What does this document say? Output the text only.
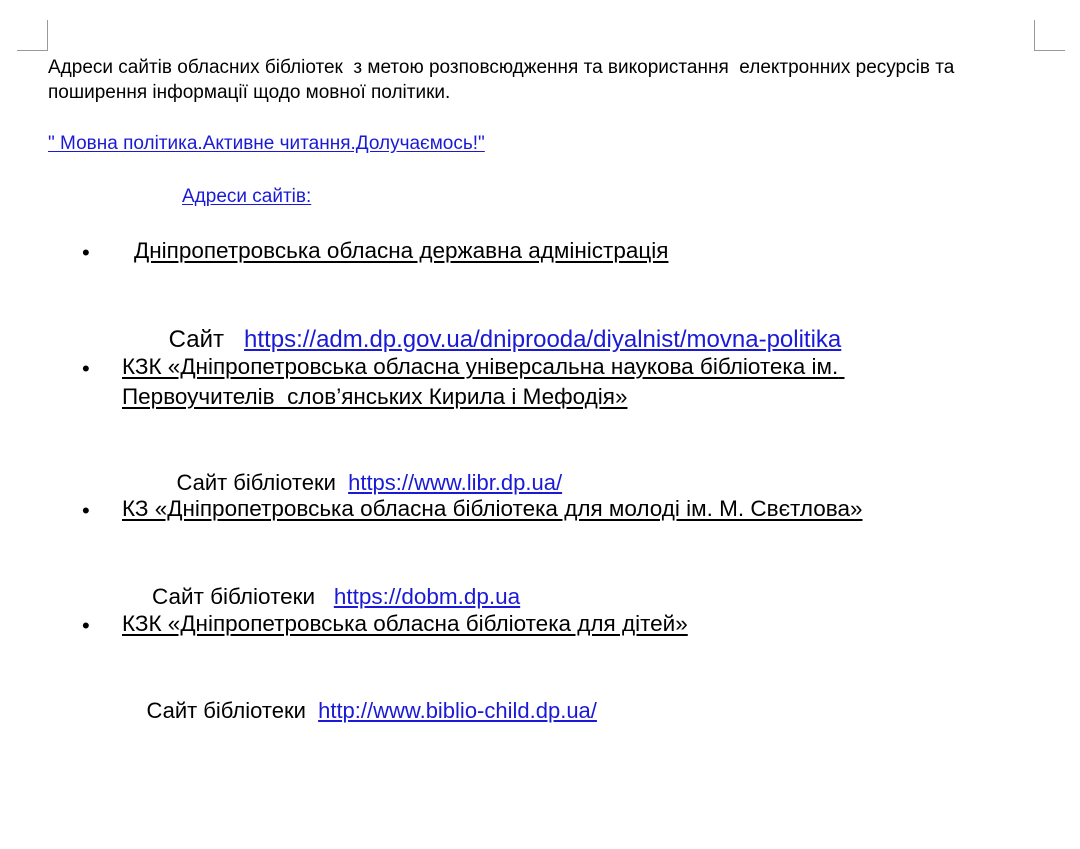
Адреси сайтів обласних бібліотек  з метою розповсюдження та використання  електронних ресурсів та  поширення інформації щодо мовної політики.
" Мовна політика.Активне читання.Долучаємось!"
Адреси сайтів:
•	Дніпропетровська обласна державна адміністрація

Сайт https://adm.dp.gov.ua/dniprooda/diyalnist/movna-politika

•	КЗК «Дніпропетровська обласна універсальна наукова бібліотека ім. Первоучителів  слов’янських Кирила і Мефодія»

Сайт бібліотеки https://www.libr.dp.ua/

•	КЗ «Дніпропетровська обласна бібліотека для молоді ім. М. Свєтлова»

Сайт бібліотеки https://dobm.dp.ua

•	КЗК «Дніпропетровська обласна бібліотека для дітей»

Сайт бібліотеки http://www.biblio-child.dp.ua/
